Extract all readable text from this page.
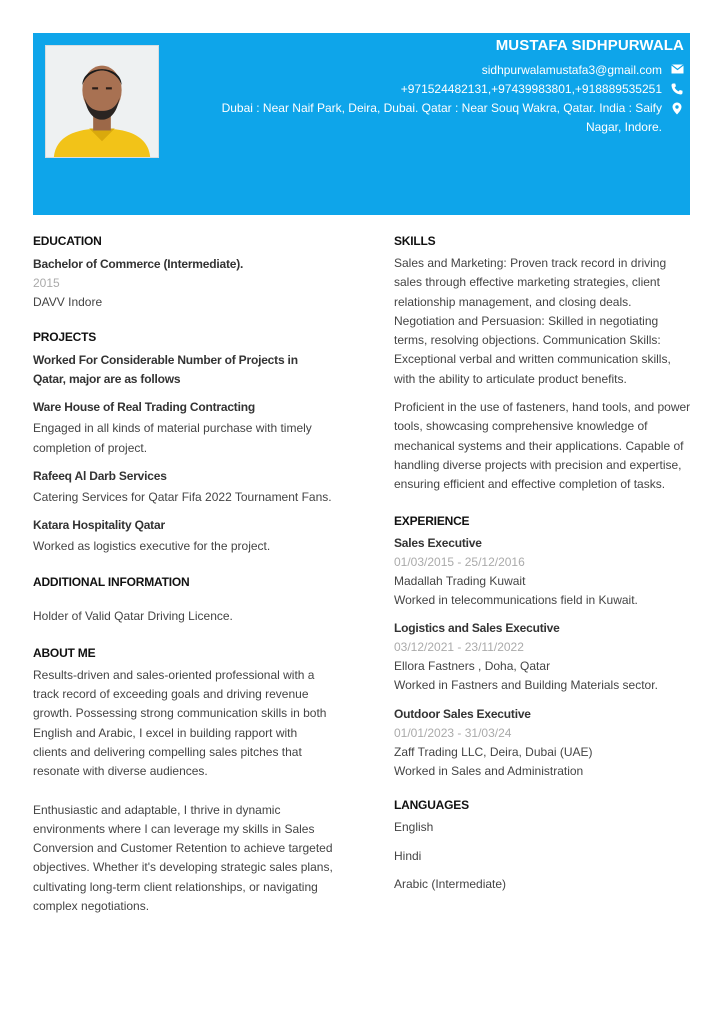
MUSTAFA SIDHPURWALA
sidhpurwalamustafa3@gmail.com
+971524482131,+97439983801,+918889535251
Dubai : Near Naif Park, Deira, Dubai. Qatar : Near Souq Wakra, Qatar. India : Saify Nagar, Indore.
EDUCATION
Bachelor of Commerce (Intermediate).
2015
DAVV Indore
PROJECTS
Worked For Considerable Number of Projects in Qatar, major are as follows
Ware House of Real Trading Contracting
Engaged in all kinds of material purchase with timely completion of project.
Rafeeq Al Darb Services
Catering Services for Qatar Fifa 2022 Tournament Fans.
Katara Hospitality Qatar
Worked as logistics executive for the project.
ADDITIONAL INFORMATION
Holder of Valid Qatar Driving Licence.
ABOUT ME
Results-driven and sales-oriented professional with a track record of exceeding goals and driving revenue growth. Possessing strong communication skills in both English and Arabic, I excel in building rapport with clients and delivering compelling sales pitches that resonate with diverse audiences.
Enthusiastic and adaptable, I thrive in dynamic environments where I can leverage my skills in Sales Conversion and Customer Retention to achieve targeted objectives. Whether it's developing strategic sales plans, cultivating long-term client relationships, or navigating complex negotiations.
SKILLS
Sales and Marketing: Proven track record in driving sales through effective marketing strategies, client relationship management, and closing deals. Negotiation and Persuasion: Skilled in negotiating terms, resolving objections. Communication Skills: Exceptional verbal and written communication skills, with the ability to articulate product benefits.
Proficient in the use of fasteners, hand tools, and power tools, showcasing comprehensive knowledge of mechanical systems and their applications. Capable of handling diverse projects with precision and expertise, ensuring efficient and effective completion of tasks.
EXPERIENCE
Sales Executive
01/03/2015 - 25/12/2016
Madallah Trading Kuwait
Worked in telecommunications field in Kuwait.
Logistics and Sales Executive
03/12/2021 - 23/11/2022
Ellora Fastners , Doha, Qatar
Worked in Fastners and Building Materials sector.
Outdoor Sales Executive
01/01/2023 - 31/03/24
Zaff Trading LLC, Deira, Dubai (UAE)
Worked in Sales and Administration
LANGUAGES
English
Hindi
Arabic (Intermediate)
